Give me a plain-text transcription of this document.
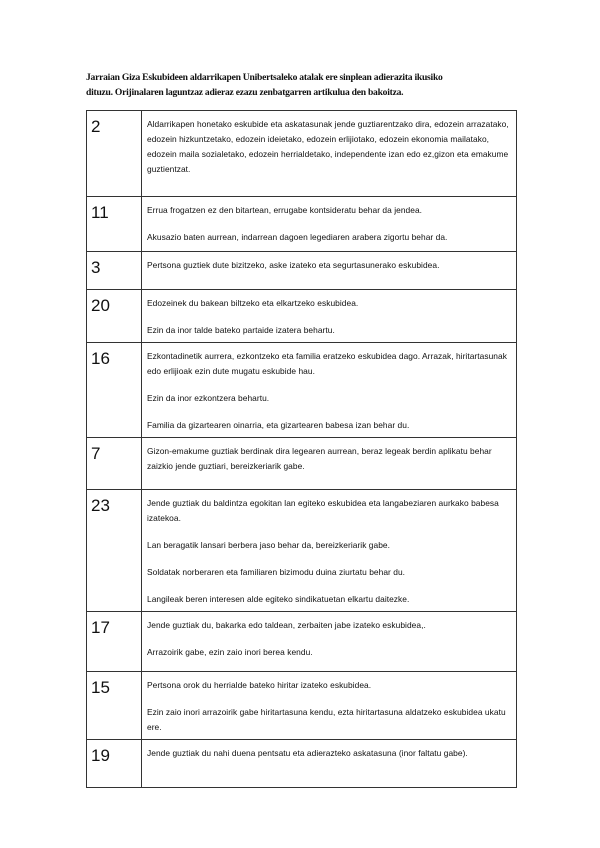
Jarraian Giza Eskubideen aldarrikapen Unibertsaleko atalak ere sinplean adierazita ikusiko

dituzu. Orijinalaren laguntzaz adieraz ezazu zenbatgarren artikulua den bakoitza.

2	Aldarrikapen honetako eskubide eta askatasunak jende guztiarentzako dira, edozein arrazatako, edozein hizkuntzetako, edozein ideietako, edozein erlijiotako, edozein ekonomia mailatako, edozein maila sozialetako, edozein herrialdetako, independente izan edo ez,gizon eta emakume guztientzat.

11	Errua frogatzen ez den bitartean, errugabe kontsideratu behar da jendea.

Akusazio baten aurrean, indarrean dagoen legediaren arabera zigortu behar da.

3	Pertsona guztiek dute bizitzeko, aske izateko eta segurtasunerako eskubidea.

20	Edozeinek du bakean biltzeko eta elkartzeko eskubidea.

Ezin da inor talde bateko partaide izatera behartu.

16	Ezkontadinetik aurrera, ezkontzeko eta familia eratzeko eskubidea dago. Arrazak, hiritartasunak edo erlijioak ezin dute mugatu eskubide hau.

Ezin da inor ezkontzera behartu.

Familia da gizartearen oinarria, eta gizartearen babesa izan behar du.

7	Gizon-emakume guztiak berdinak dira legearen aurrean, beraz legeak berdin aplikatu behar zaizkio jende guztiari, bereizkeriarik gabe.

23	Jende guztiak du baldintza egokitan lan egiteko eskubidea eta langabeziaren aurkako babesa izatekoa.

Lan beragatik lansari berbera jaso behar da, bereizkeriarik gabe.

Soldatak norberaren eta familiaren bizimodu duina ziurtatu behar du.

Langileak beren interesen alde egiteko sindikatuetan elkartu daitezke.

17	Jende guztiak du, bakarka edo taldean, zerbaiten jabe izateko eskubidea,.

Arrazoirik gabe, ezin zaio inori berea kendu.

15	Pertsona orok du herrialde bateko hiritar izateko eskubidea.

Ezin zaio inori arrazoirik gabe hiritartasuna kendu, ezta hiritartasuna aldatzeko eskubidea ukatu ere.

19	Jende guztiak du nahi duena pentsatu eta adierazteko askatasuna (inor faltatu gabe).
